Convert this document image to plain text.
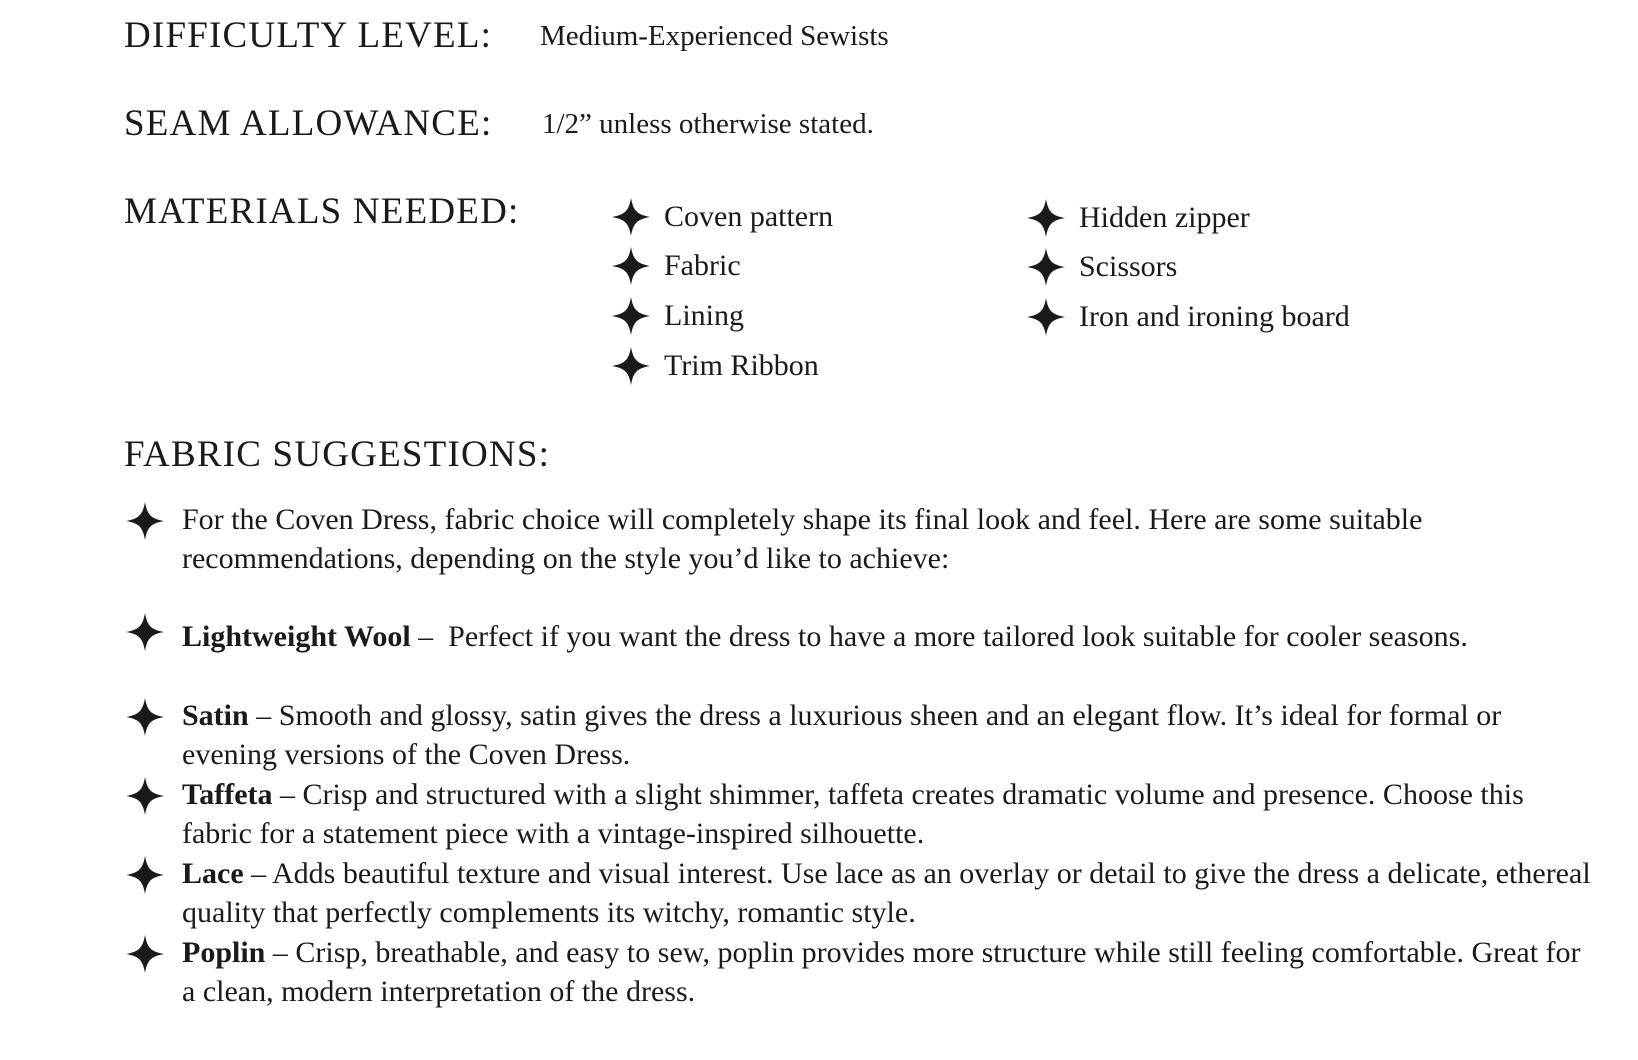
DIFFICULTY LEVEL: Medium-Experienced Sewists
SEAM ALLOWANCE: 1/2” unless otherwise stated.
MATERIALS NEEDED:	Coven pattern
Fabric
Lining
Trim Ribbon
Hidden zipper
Scissors
Iron and ironing board
FABRIC SUGGESTIONS:
For the Coven Dress, fabric choice will completely shape its final look and feel. Here are some suitable recommendations, depending on the style you’d like to achieve:
Lightweight Wool –  Perfect if you want the dress to have a more tailored look suitable for cooler seasons.
Satin – Smooth and glossy, satin gives the dress a luxurious sheen and an elegant flow. It’s ideal for formal or evening versions of the Coven Dress.
Taffeta – Crisp and structured with a slight shimmer, taffeta creates dramatic volume and presence. Choose this fabric for a statement piece with a vintage-inspired silhouette.
Lace – Adds beautiful texture and visual interest. Use lace as an overlay or detail to give the dress a delicate, ethereal quality that perfectly complements its witchy, romantic style.
Poplin – Crisp, breathable, and easy to sew, poplin provides more structure while still feeling comfortable. Great for a clean, modern interpretation of the dress.
